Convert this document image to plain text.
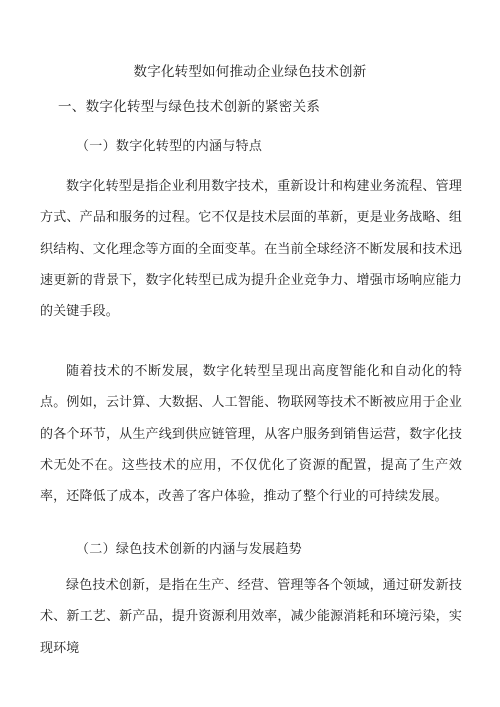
数字化转型如何推动企业绿色技术创新
一、数字化转型与绿色技术创新的紧密关系
（一）数字化转型的内涵与特点

数字化转型是指企业利用数字技术，重新设计和构建业务流程、管理方式、产品和服务的过程。它不仅是技术层面的革新，更是业务战略、组织结构、文化理念等方面的全面变革。在当前全球经济不断发展和技术迅速更新的背景下，数字化转型已成为提升企业竞争力、增强市场响应能力的关键手段。

随着技术的不断发展，数字化转型呈现出高度智能化和自动化的特点。例如，云计算、大数据、人工智能、物联网等技术不断被应用于企业的各个环节，从生产线到供应链管理，从客户服务到销售运营，数字化技术无处不在。这些技术的应用，不仅优化了资源的配置，提高了生产效率，还降低了成本，改善了客户体验，推动了整个行业的可持续发展。

（二）绿色技术创新的内涵与发展趋势

绿色技术创新，是指在生产、经营、管理等各个领域，通过研发新技术、新工艺、新产品，提升资源利用效率，减少能源消耗和环境污染，实现环境
